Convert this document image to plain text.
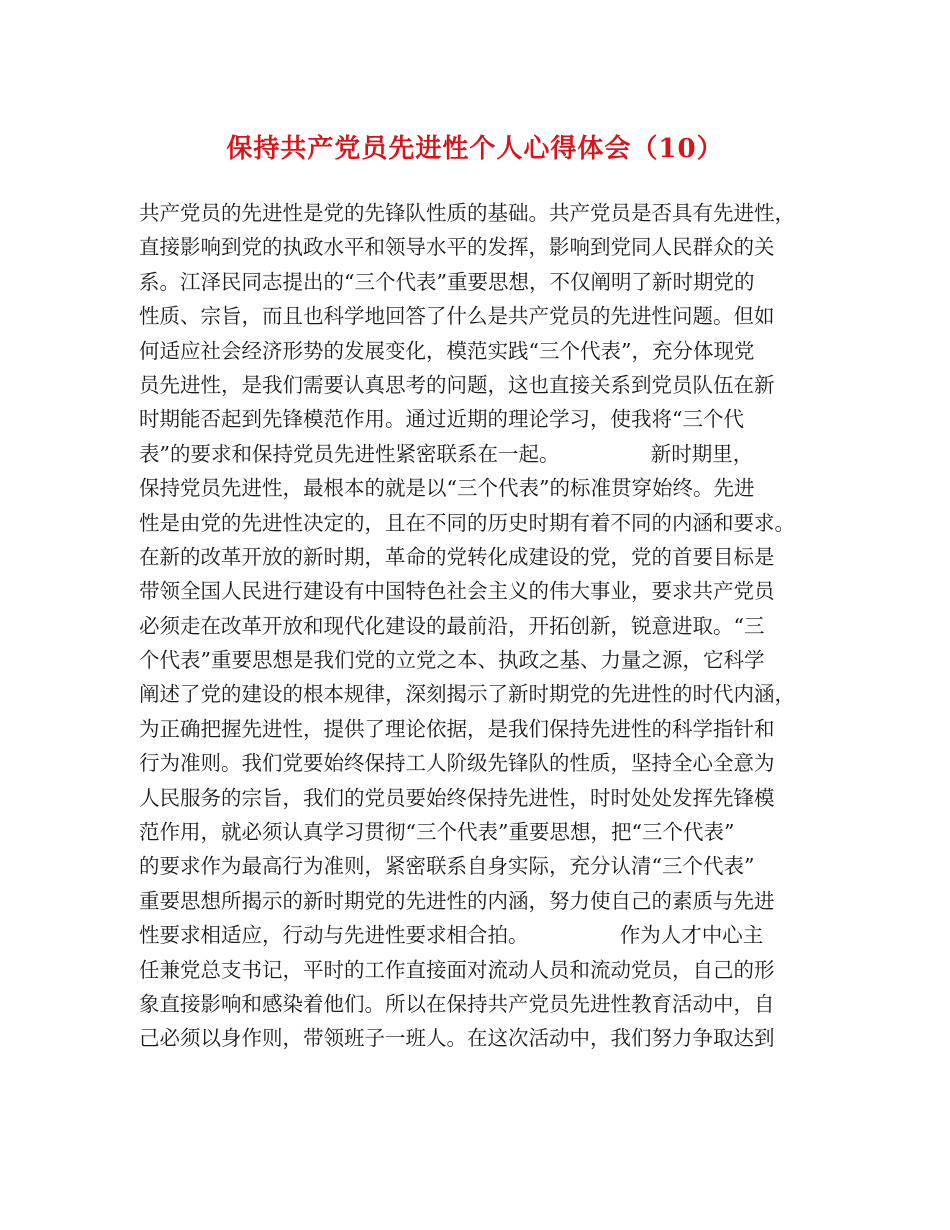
保持共产党员先进性个人心得体会（10）
共产党员的先进性是党的先锋队性质的基础。共产党员是否具有先进性，
直接影响到党的执政水平和领导水平的发挥，影响到党同人民群众的关
系。江泽民同志提出的“三个代表”重要思想，不仅阐明了新时期党的
性质、宗旨，而且也科学地回答了什么是共产党员的先进性问题。但如
何适应社会经济形势的发展变化，模范实践“三个代表”，充分体现党
员先进性，是我们需要认真思考的问题，这也直接关系到党员队伍在新
时期能否起到先锋模范作用。通过近期的理论学习，使我将“三个代
表”的要求和保持党员先进性紧密联系在一起。              新时期里，
保持党员先进性，最根本的就是以“三个代表”的标准贯穿始终。先进
性是由党的先进性决定的，且在不同的历史时期有着不同的内涵和要求。
在新的改革开放的新时期，革命的党转化成建设的党，党的首要目标是
带领全国人民进行建设有中国特色社会主义的伟大事业，要求共产党员
必须走在改革开放和现代化建设的最前沿，开拓创新，锐意进取。“三
个代表”重要思想是我们党的立党之本、执政之基、力量之源，它科学
阐述了党的建设的根本规律，深刻揭示了新时期党的先进性的时代内涵，
为正确把握先进性，提供了理论依据，是我们保持先进性的科学指针和
行为准则。我们党要始终保持工人阶级先锋队的性质，坚持全心全意为
人民服务的宗旨，我们的党员要始终保持先进性，时时处处发挥先锋模
范作用，就必须认真学习贯彻“三个代表”重要思想，把“三个代表”
的要求作为最高行为准则，紧密联系自身实际，充分认清“三个代表”
重要思想所揭示的新时期党的先进性的内涵，努力使自己的素质与先进
性要求相适应，行动与先进性要求相合拍。              作为人才中心主
任兼党总支书记，平时的工作直接面对流动人员和流动党员，自己的形
象直接影响和感染着他们。所以在保持共产党员先进性教育活动中，自
己必须以身作则，带领班子一班人。在这次活动中，我们努力争取达到
